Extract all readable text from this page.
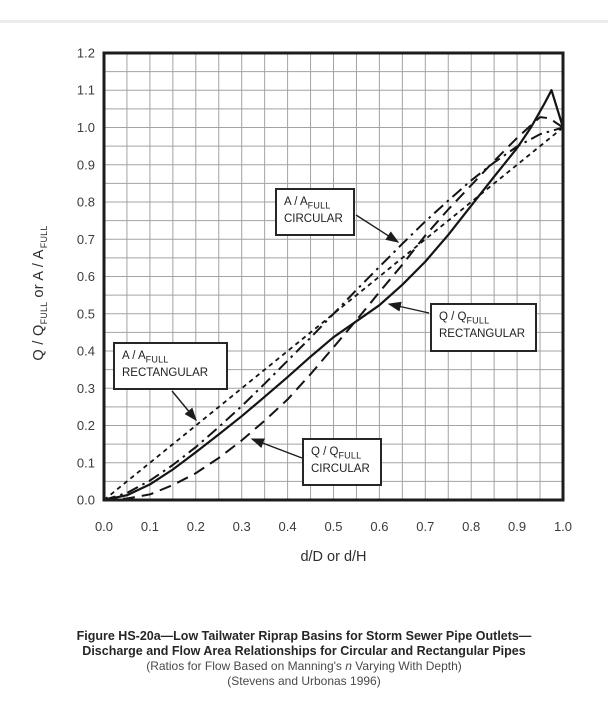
0.0 0.1 0.2 0.3 0.4 0.5 0.6 0.7 0.8 0.9 1.0
0.0
0.1
0.2
0.3
0.4
0.5
0.6
0.7
0.8
0.9
1.0
1.1
1.2
Q / $Q_{FULL}or$ A / $A_{FULL}$
d/D or d/H
A / $A_{FULL}$
CIRCULAR
A / $A_{FULL}$
RECTANGULAR
Q / $Q_{FULL}$
RECTANGULAR
Q / $Q_{FULL}$
CIRCULAR
Figure HS-20a—Low Tailwater Riprap Basins for Storm Sewer Pipe Outlets—
Discharge and Flow Area Relationships for Circular and Rectangular Pipes
(Ratios for Flow Based on Manning's n Varying With Depth)
(Stevens and Urbonas 1996)
